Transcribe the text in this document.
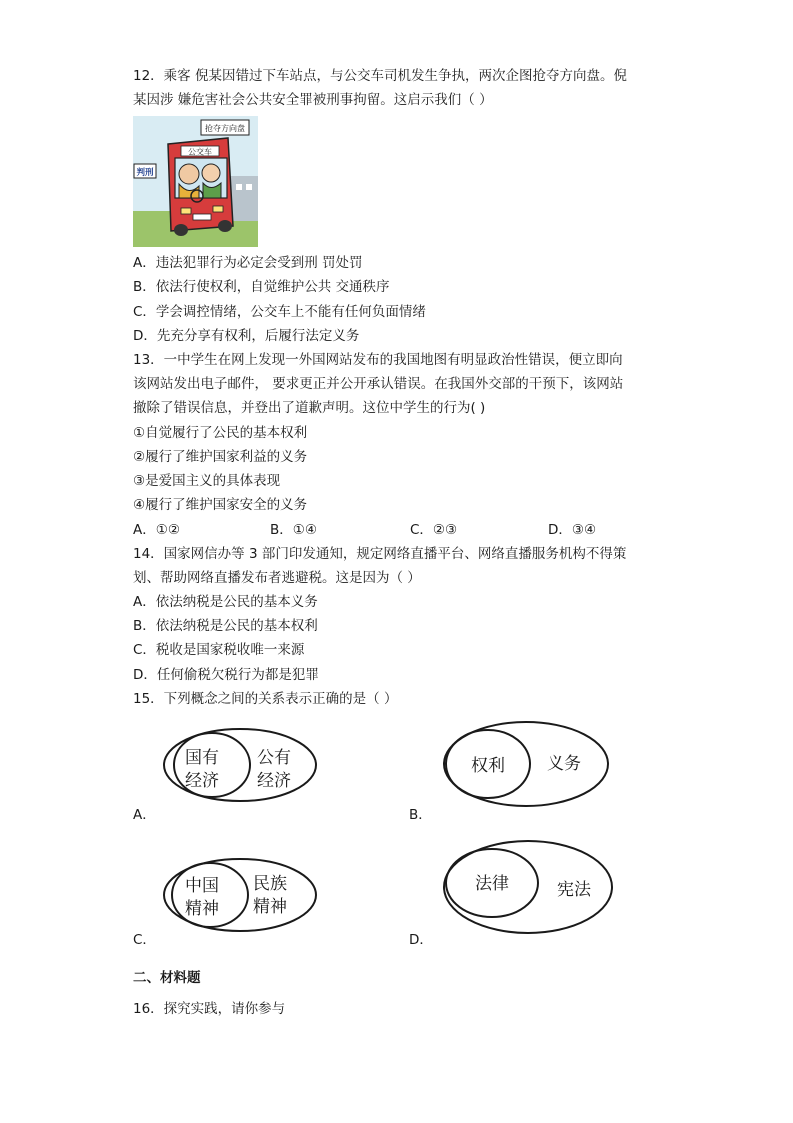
12．乘客 倪某因错过下车站点，与公交车司机发生争执，两次企图抢夺方向盘。倪
某因涉 嫌危害社会公共安全罪被刑事拘留。这启示我们（ ）
公交车
抢夺方向盘
判刑
A．违法犯罪行为必定会受到刑 罚处罚
B．依法行使权利，自觉维护公共 交通秩序
C．学会调控情绪，公交车上不能有任何负面情绪
D．先充分享有权利，后履行法定义务
13．一中学生在网上发现一外国网站发布的我国地图有明显政治性错误，便立即向
该网站发出电子邮件， 要求更正并公开承认错误。在我国外交部的干预下，该网站
撤除了错误信息，并登出了道歉声明。这位中学生的行为( )
①自觉履行了公民的基本权利
②履行了维护国家利益的义务
③是爱国主义的具体表现
④履行了维护国家安全的义务
A．①②	B．①④	C．②③	D．③④
14．国家网信办等 3 部门印发通知，规定网络直播平台、网络直播服务机构不得策
划、帮助网络直播发布者逃避税。这是因为（ ）
A．依法纳税是公民的基本义务
B．依法纳税是公民的基本权利
C．税收是国家税收唯一来源
D．任何偷税欠税行为都是犯罪
15．下列概念之间的关系表示正确的是（ ）
国有
经济
公有
经济
A．
权利 义务
B．
中国
精神
民族
精神
C．
法律	宪法
D．
二、材料题
16．探究实践，请你参与
